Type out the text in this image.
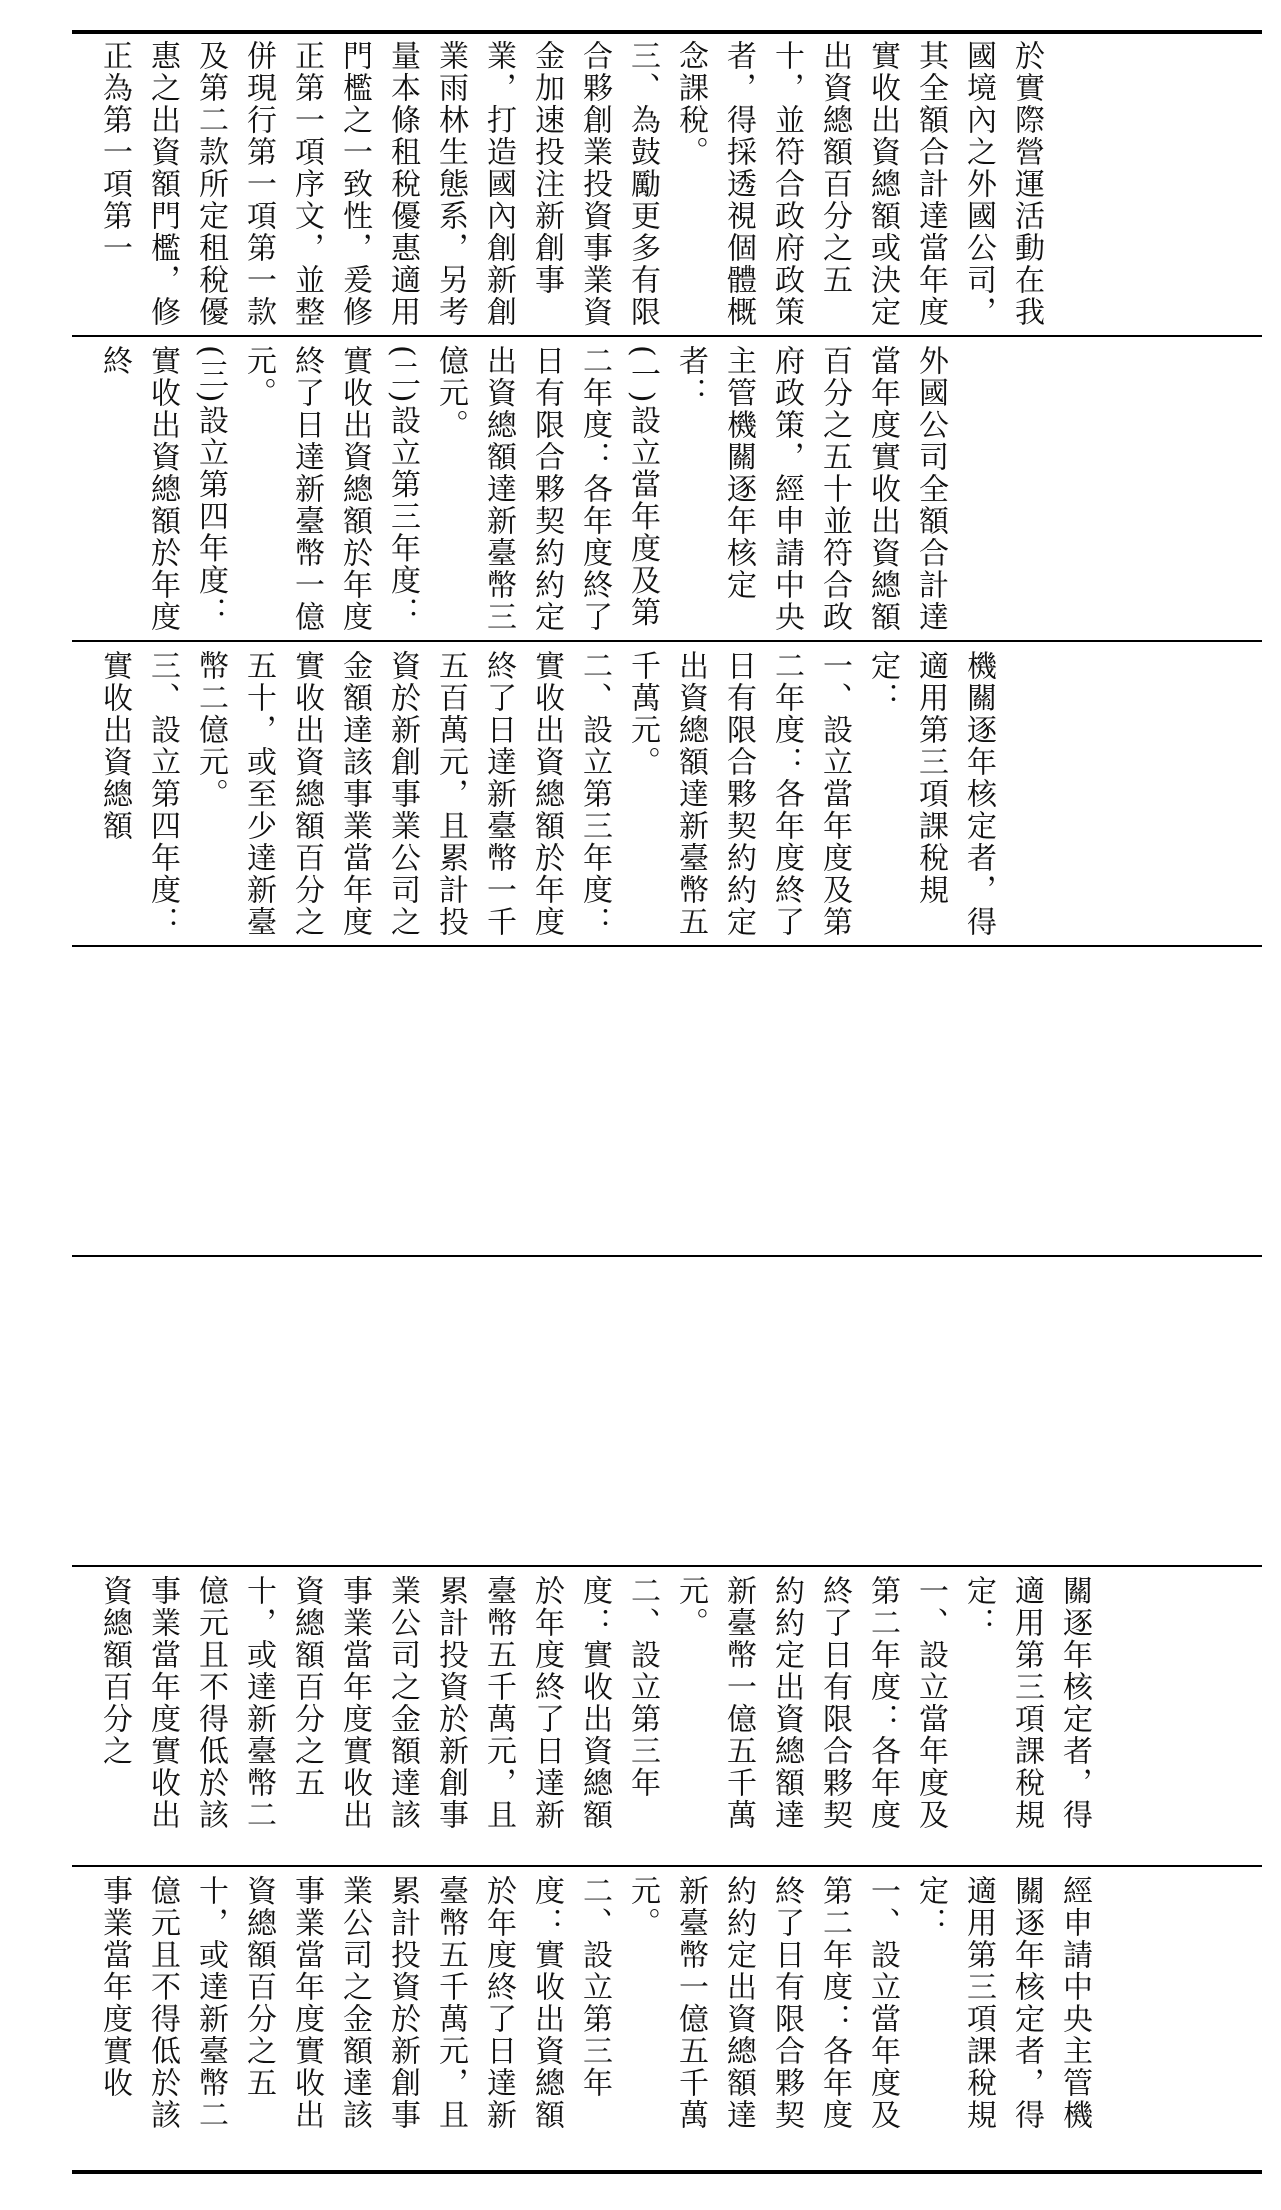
於實際營運活動在我國境內之外國公司，其全額合計達當年度實收出資總額或決定出資總額百分之五十，並符合政府政策者，得採透視個體概念課稅。
三、為鼓勵更多有限合夥創業投資事業資金加速投注新創事業，打造國內創新創業雨林生態系，另考量本條租稅優惠適用門檻之一致性，爰修正第一項序文，並整併現行第一項第一款及第二款所定租稅優惠之出資額門檻，修正為第一項第一
外國公司全額合計達當年度實收出資總額百分之五十並符合政府政策，經申請中央主管機關逐年核定者：
(一)設立當年度及第二年度：各年度終了日有限合夥契約約定出資總額達新臺幣三億元。
(二)設立第三年度：實收出資總額於年度終了日達新臺幣一億元。
(三)設立第四年度：實收出資總額於年度終
機關逐年核定者，得適用第三項課稅規定：
一、設立當年度及第二年度：各年度終了日有限合夥契約約定出資總額達新臺幣五千萬元。
二、設立第三年度：實收出資總額於年度終了日達新臺幣一千五百萬元，且累計投資於新創事業公司之金額達該事業當年度實收出資總額百分之五十，或至少達新臺幣二億元。
三、設立第四年度：實收出資總額
關逐年核定者，得適用第三項課稅規定：
一、設立當年度及第二年度：各年度終了日有限合夥契約約定出資總額達新臺幣一億五千萬元。
二、設立第三年度：實收出資總額於年度終了日達新臺幣五千萬元，且累計投資於新創事業公司之金額達該事業當年度實收出資總額百分之五十，或達新臺幣二億元且不得低於該事業當年度實收出資總額百分之
經申請中央主管機關逐年核定者，得適用第三項課稅規定：
一、設立當年度及第二年度：各年度終了日有限合夥契約約定出資總額達新臺幣一億五千萬元。
二、設立第三年度：實收出資總額於年度終了日達新臺幣五千萬元，且累計投資於新創事業公司之金額達該事業當年度實收出資總額百分之五十，或達新臺幣二億元且不得低於該事業當年度實收
